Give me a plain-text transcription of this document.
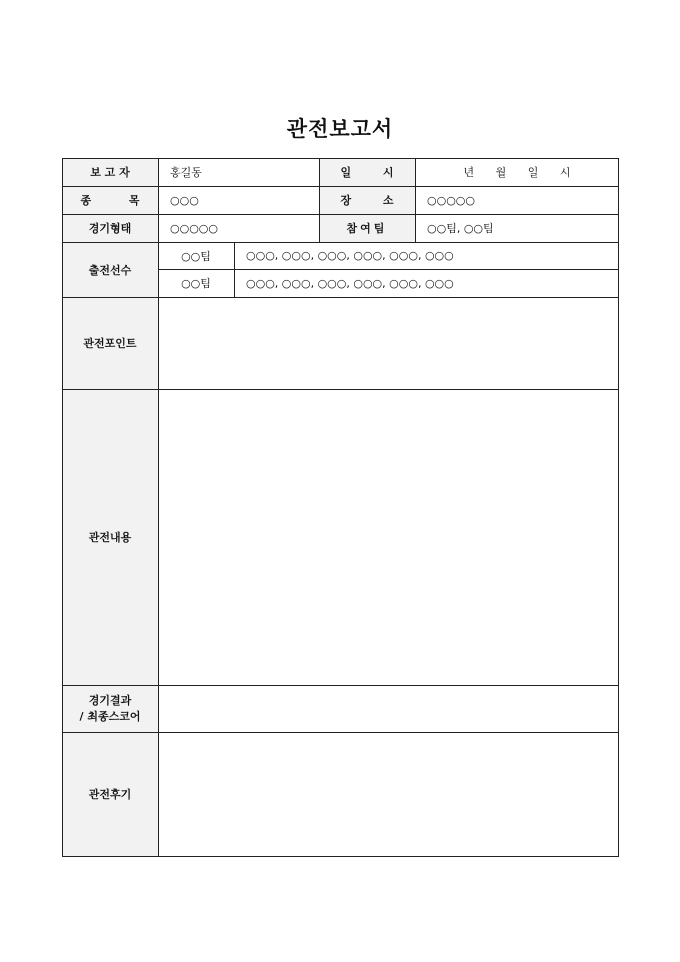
관전보고서
보 고 자	홍길동	일 시	년 월 일 시
종 목	○○○	장 소	○○○○○
경기형태	○○○○○	참여팀	○○팀, ○○팀
출전선수
○○팀	○○○, ○○○, ○○○, ○○○, ○○○, ○○○
○○팀	○○○, ○○○, ○○○, ○○○, ○○○, ○○○
관전포인트
관전내용
경기결과
/ 최종스코어
관전후기
